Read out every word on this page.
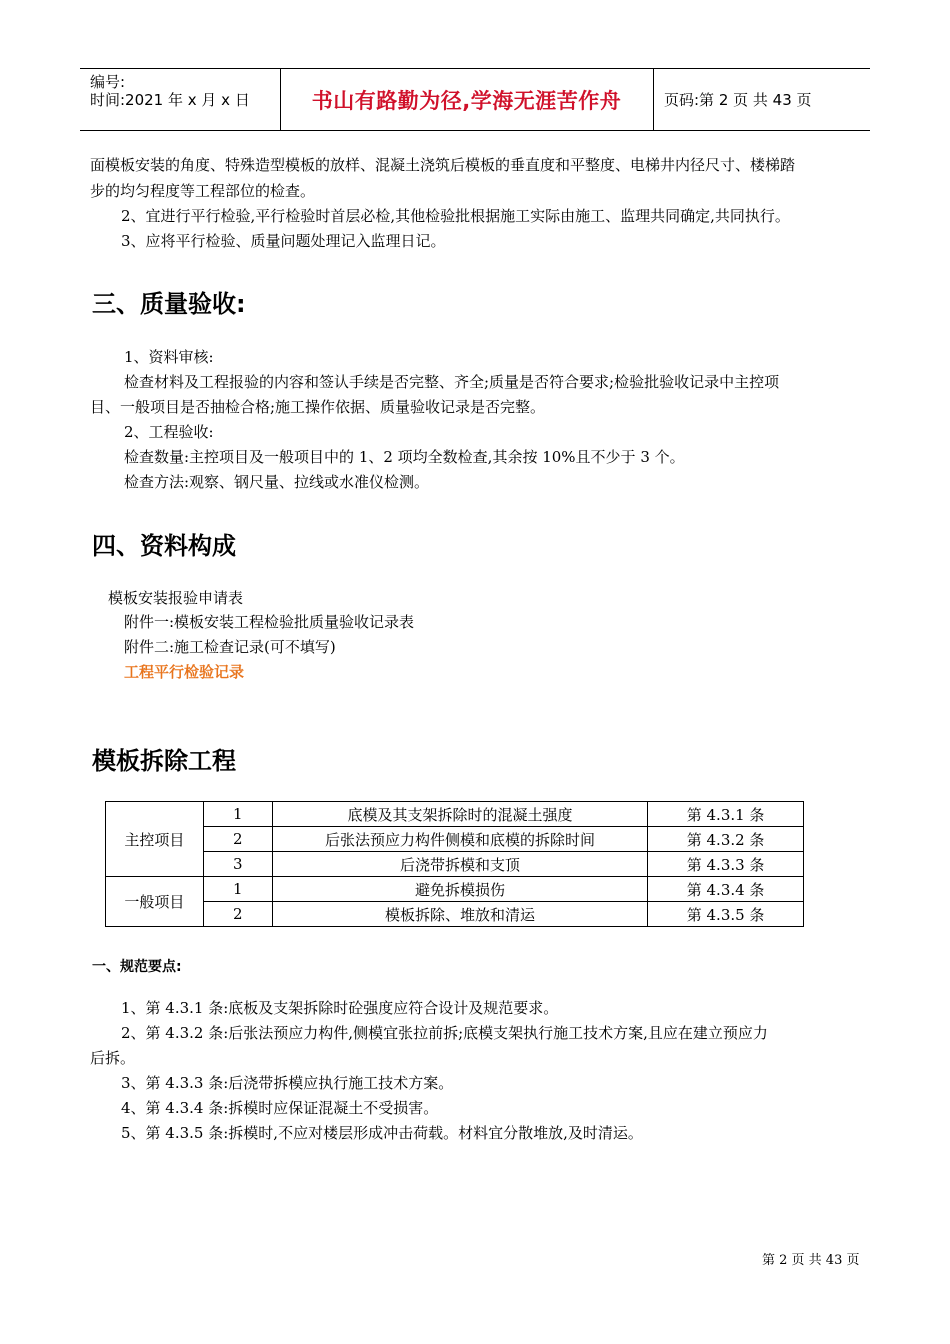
编号:
时间:2021 年 x 月 x 日	书山有路勤为径,学海无涯苦作舟	页码:第 2 页 共 43 页
面模板安装的角度、特殊造型模板的放样、混凝土浇筑后模板的垂直度和平整度、电梯井内径尺寸、楼梯踏
步的均匀程度等工程部位的检查。
2、宜进行平行检验,平行检验时首层必检,其他检验批根据施工实际由施工、监理共同确定,共同执行。
3、应将平行检验、质量问题处理记入监理日记。
三、质量验收:
1、资料审核:
检查材料及工程报验的内容和签认手续是否完整、齐全;质量是否符合要求;检验批验收记录中主控项
目、一般项目是否抽检合格;施工操作依据、质量验收记录是否完整。
2、工程验收:
检查数量:主控项目及一般项目中的 1、2 项均全数检查,其余按 10%且不少于 3 个。
检查方法:观察、钢尺量、拉线或水准仪检测。
四、资料构成
模板安装报验申请表
附件一:模板安装工程检验批质量验收记录表
附件二:施工检查记录(可不填写)
工程平行检验记录
模板拆除工程
主控项目	1	底模及其支架拆除时的混凝土强度	第 4.3.1 条
	2	后张法预应力构件侧模和底模的拆除时间	第 4.3.2 条
	3	后浇带拆模和支顶	第 4.3.3 条
一般项目	1	避免拆模损伤	第 4.3.4 条
	2	模板拆除、堆放和清运	第 4.3.5 条
一、规范要点:
1、第 4.3.1 条:底板及支架拆除时砼强度应符合设计及规范要求。
2、第 4.3.2 条:后张法预应力构件,侧模宜张拉前拆;底模支架执行施工技术方案,且应在建立预应力
后拆。
3、第 4.3.3 条:后浇带拆模应执行施工技术方案。
4、第 4.3.4 条:拆模时应保证混凝土不受损害。
5、第 4.3.5 条:拆模时,不应对楼层形成冲击荷载。材料宜分散堆放,及时清运。
第 2 页 共 43 页
